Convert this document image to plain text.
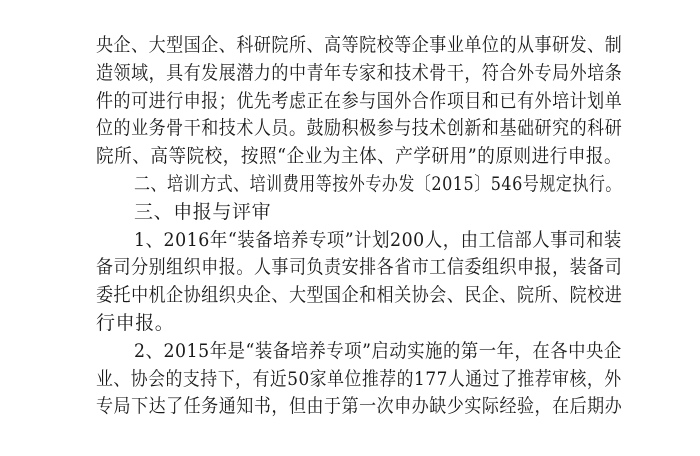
央企、大型国企、科研院所、高等院校等企事业单位的从事研发、制
造领域，具有发展潜力的中青年专家和技术骨干，符合外专局外培条
件的可进行申报；优先考虑正在参与国外合作项目和已有外培计划单
位的业务骨干和技术人员。鼓励积极参与技术创新和基础研究的科研
院所、高等院校，按照“企业为主体、产学研用”的原则进行申报。
二、培训方式、培训费用等按外专办发〔2015〕546号规定执行。
三、申报与评审
1、2016年“装备培养专项”计划200人，由工信部人事司和装
备司分别组织申报。人事司负责安排各省市工信委组织申报，装备司
委托中机企协组织央企、大型国企和相关协会、民企、院所、院校进
行申报。
2、2015年是“装备培养专项”启动实施的第一年，在各中央企
业、协会的支持下，有近50家单位推荐的177人通过了推荐审核，外
专局下达了任务通知书，但由于第一次申办缺少实际经验，在后期办
